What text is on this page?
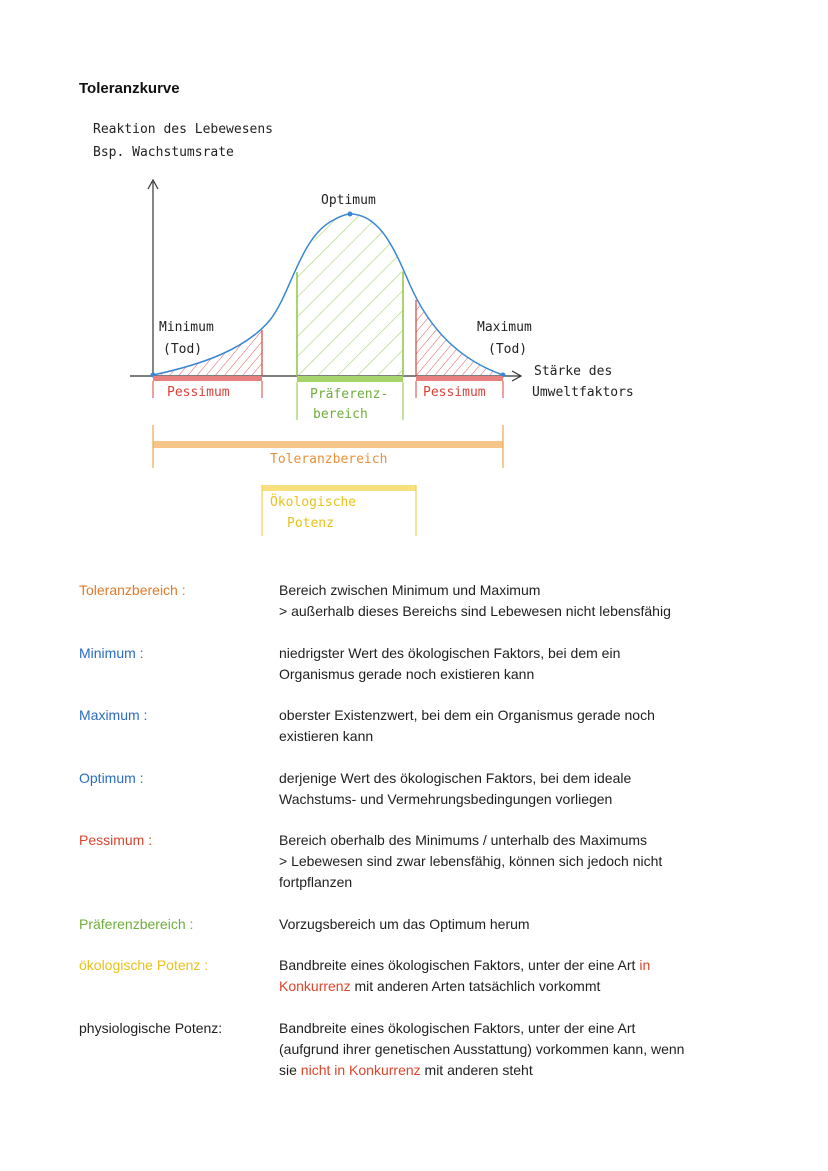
Toleranzkurve
Reaktion des Lebewesens
Bsp. Wachstumsrate
Optimum
Minimum
(Tod)
Maximum
(Tod)
Stärke des
Umweltfaktors
Pessimum	Pessimum
Präferenz-
bereich
Toleranzbereich
Ökologische
Potenz
Toleranzbereich :	Bereich zwischen Minimum und Maximum
> außerhalb dieses Bereichs sind Lebewesen nicht lebensfähig
Minimum :	niedrigster Wert des ökologischen Faktors, bei dem ein
Organismus gerade noch existieren kann
Maximum :	oberster Existenzwert, bei dem ein Organismus gerade noch
existieren kann
Optimum :	derjenige Wert des ökologischen Faktors, bei dem ideale
Wachstums- und Vermehrungsbedingungen vorliegen
Pessimum :	Bereich oberhalb des Minimums / unterhalb des Maximums
> Lebewesen sind zwar lebensfähig, können sich jedoch nicht
fortpflanzen
Präferenzbereich :	Vorzugsbereich um das Optimum herum
ökologische Potenz :	Bandbreite eines ökologischen Faktors, unter der eine Art in
Konkurrenz mit anderen Arten tatsächlich vorkommt
physiologische Potenz:	Bandbreite eines ökologischen Faktors, unter der eine Art
(aufgrund ihrer genetischen Ausstattung) vorkommen kann, wenn
sie nicht in Konkurrenz mit anderen steht
